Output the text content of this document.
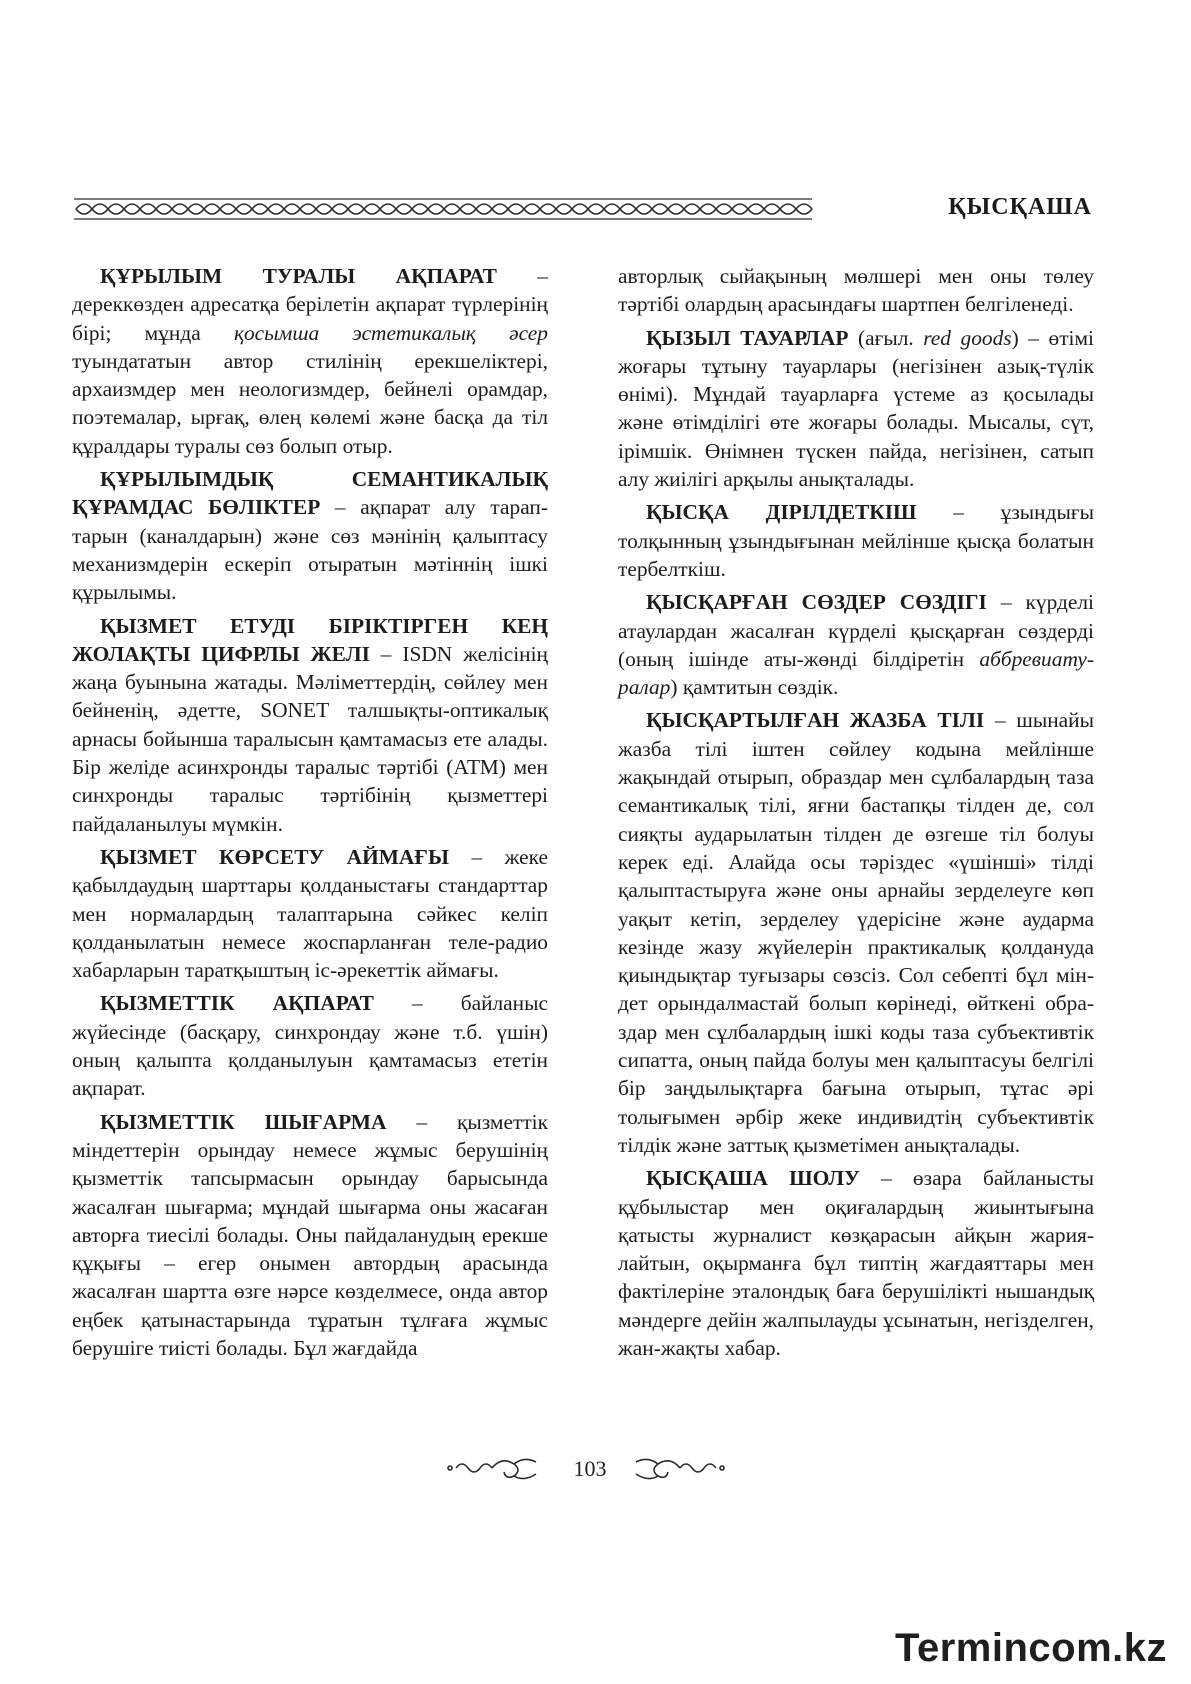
ҚЫСҚАША

ҚҰРЫЛЫМ ТУРАЛЫ АҚПАРАТ – дереккөзден адресатқа берілетін ақпарат түрлерінің бірі; мұнда қосымша эстетикалық әсер туындататын автор стилінің ерекшеліктері, архаизмдер мен неологизмдер, бейнелі орамдар, поэтемалар, ырғақ, өлең көлемі және басқа да тіл құралдары туралы сөз болып отыр.

ҚҰРЫЛЫМДЫҚ СЕМАНТИКАЛЫҚ ҚҰРАМДАС БӨЛІКТЕР – ақпарат алу тараптарын (каналдарын) және сөз мәнінің қалыптасу механизмдерін ескеріп отыратын мәтіннің ішкі құрылымы.

ҚЫЗМЕТ ЕТУДІ БІРІКТІРГЕН КЕҢ ЖОЛАҚТЫ ЦИФРЛЫ ЖЕЛІ – ISDN желісінің жаңа буынына жатады. Мәліметтердің, сөйлеу мен бейненің, әдетте, SONET талшықты-оптикалық арнасы бойынша таралысын қамтамасыз ете алады. Бір желіде асинхронды таралыс тәртібі (АТМ) мен синхронды таралыс тәртібінің қызметтері пайдаланылуы мүмкін.

ҚЫЗМЕТ КӨРСЕТУ АЙМАҒЫ – жеке қабылдаудың шарттары қолданыстағы стандарттар мен нормалардың талаптарына сәйкес келіп қолданылатын немесе жоспарланған теле-радио хабарларын таратқыштың іс-әрекеттік аймағы.

ҚЫЗМЕТТІК АҚПАРАТ – байланыс жүйесінде (басқару, синхрондау және т.б. үшін) оның қалыпта қолданылуын қамтамасыз ететін ақпарат.

ҚЫЗМЕТТІК ШЫҒАРМА – қызметтік міндеттерін орындау немесе жұмыс берушінің қызметтік тапсырмасын орындау барысында жасалған шығарма; мұндай шығарма оны жасаған авторға тиесілі болады. Оны пайдаланудың ерекше құқығы – егер онымен автордың арасында жасалған шартта өзге нәрсе көзделмесе, онда автор еңбек қатынастарында тұратын тұлғаға жұмыс берушіге тиісті болады. Бұл жағдайда

авторлық сыйақының мөлшері мен оны төлеу тәртібі олардың арасындағы шартпен белгіленеді.

ҚЫЗЫЛ ТАУАРЛАР (ағыл. red goods) – өтімі жоғары тұтыну тауарлары (негізінен азық-түлік өнімі). Мұндай тауарларға үстеме аз қосылады және өтімділігі өте жоғары болады. Мысалы, сүт, ірімшік. Өнімнен түскен пайда, негізінен, сатып алу жиілігі арқылы анықталады.

ҚЫСҚА ДІРІЛДЕТКІШ – ұзындығы толқынның ұзындығынан мейлінше қысқа болатын тербелткіш.

ҚЫСҚАРҒАН СӨЗДЕР СӨЗДІГІ – күрделі атаулардан жасалған күрделі қысқарған сөздерді (оның ішінде аты-жөнді білдіретін аббревиатуралар) қамтитын сөздік.

ҚЫСҚАРТЫЛҒАН ЖАЗБА ТІЛІ – шынайы жазба тілі іштен сөйлеу кодына мейлінше жақындай отырып, образдар мен сұлбалардың таза семантикалық тілі, яғни бастапқы тілден де, сол сияқты аударылатын тілден де өзгеше тіл болуы керек еді. Алайда осы тәріздес «үшінші» тілді қалыптастыруға және оны арнайы зерделеуге көп уақыт кетіп, зерделеу үдерісіне және аударма кезінде жазу жүйелерін практикалық қолдануда қиындықтар туғызары сөзсіз. Сол себепті бұл міндет орындалмастай болып көрінеді, өйткені образдар мен сұлбалардың ішкі коды таза субъективтік сипатта, оның пайда болуы мен қалыптасуы белгілі бір заңдылықтарға бағына отырып, тұтас әрі толығымен әрбір жеке индивидтің субъективтік тілдік және заттық қызметімен анықталады.

ҚЫСҚАША ШОЛУ – өзара байланысты құбылыстар мен оқиғалардың жиынтығына қатысты журналист көзқарасын айқын жариялайтын, оқырманға бұл типтің жағдаяттары мен фактілеріне эталондық баға берушілікті нышандық мәндерге дейін жалпылауды ұсынатын, негізделген, жан-жақты хабар.

103
Termincom.kz
